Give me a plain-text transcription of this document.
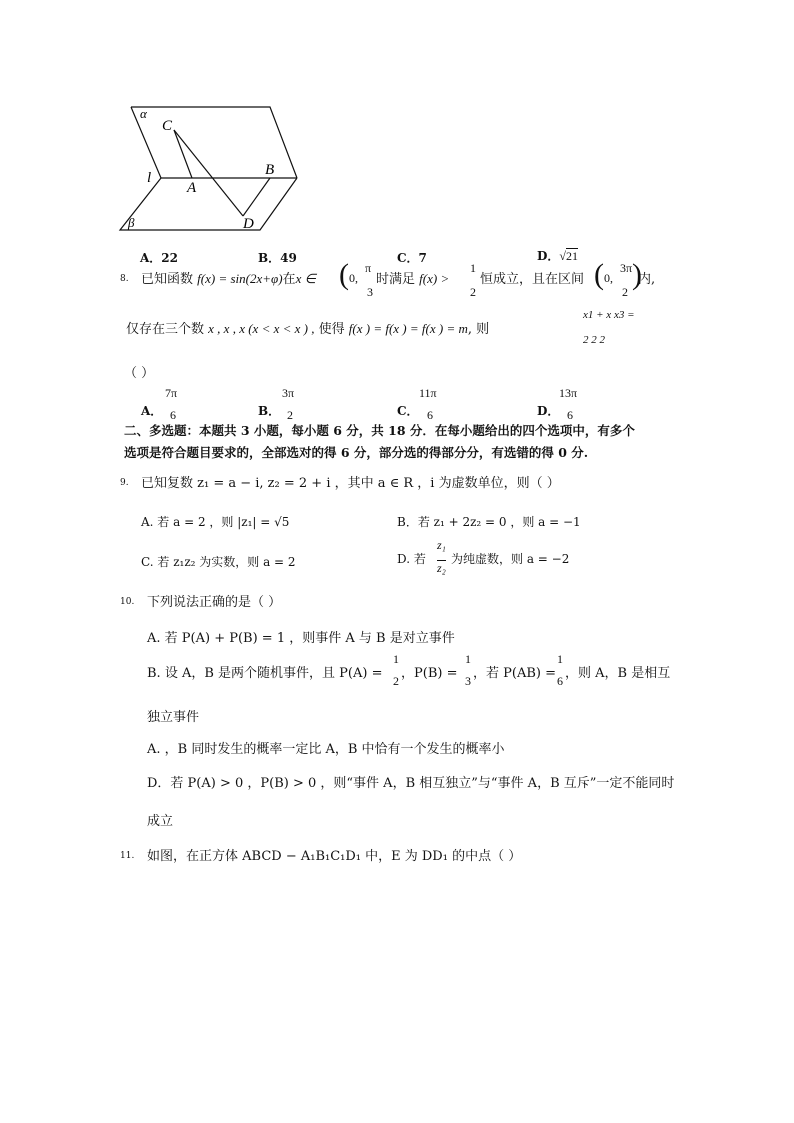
α
C
l
A
B
D
β
A．22	B．49	C．7	D．√21
8. 已知函数 f(x) = sin(2x+φ)在x ∈ ( 0,
π
3
时满足 f(x) >
1
2
恒成立，且在区间 ( 0,
3π
2
)
内,
仅存在三个数 x , x , x (x < x < x ) , 使得 f(x ) = f(x ) = f(x ) = m, 则
x1 + x x3 =
2 2 2
（ ）
A．
7π
6	B．
3π
2	C．
11π
6	D．
13π
6
二、多选题：本题共 3 小题，每小题 6 分，共 18 分．在每小题给出的四个选项中，有多个
选项是符合题目要求的，全部选对的得 6 分，部分选的得部分分，有选错的得 0 分.
9. 已知复数 z₁ = a − i, z₂ = 2 + i ，其中 a ∈ R ，i 为虚数单位，则（ ）
A. 若 a = 2 ，则 |z₁| = √5	B．若 z₁ + 2z₂ = 0 ，则 a = −1
C. 若 z₁z₂ 为实数，则 a = 2	D. 若
z₁
z₂
为纯虚数，则 a = −2
10. 下列说法正确的是（ ）
A. 若 P(A) + P(B) = 1 ，则事件 A 与 B 是对立事件
B. 设 A，B 是两个随机事件，且 P(A) =
1
2 ，P(B) =
1
3 ，若 P(AB) =
1
6 ，则 A，B 是相互
独立事件
A. ，B 同时发生的概率一定比 A，B 中恰有一个发生的概率小
D．若 P(A) > 0 ，P(B) > 0 ，则“事件 A，B 相互独立”与“事件 A，B 互斥”一定不能同时
成立
11. 如图，在正方体 ABCD − A₁B₁C₁D₁ 中，E 为 DD₁ 的中点（ ）
